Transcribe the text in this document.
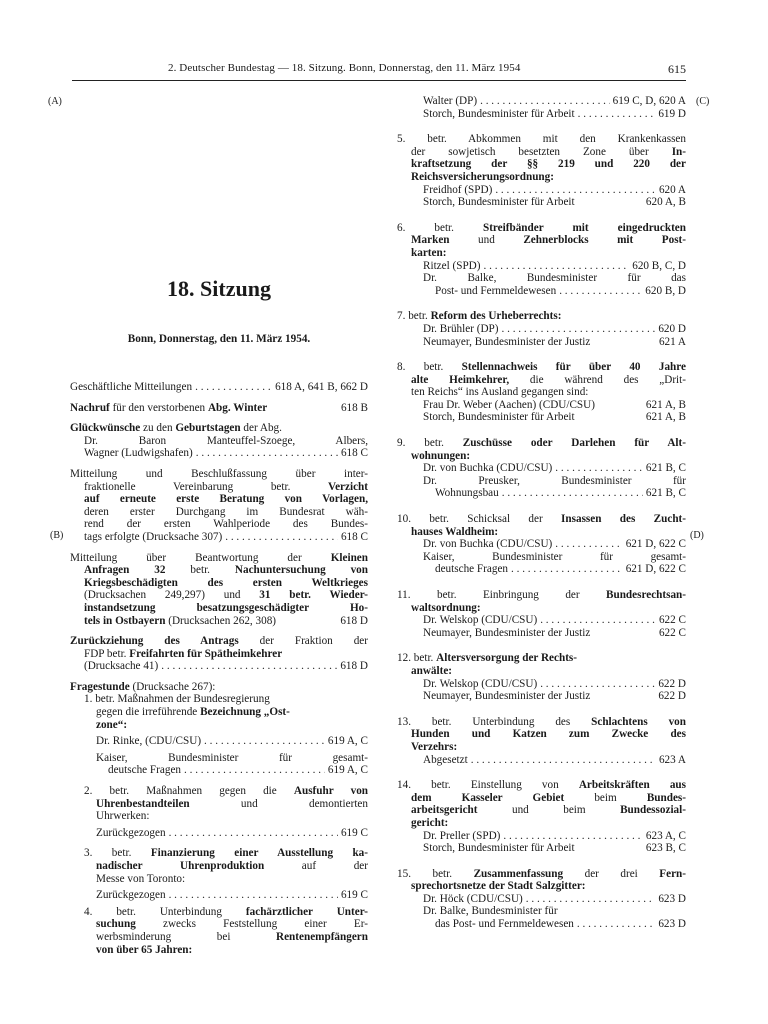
2. Deutscher Bundestag — 18. Sitzung. Bonn, Donnerstag, den 11. März 1954	615
(A)
(B)
(C)
(D)
18. Sitzung
Bonn, Donnerstag, den 11. März 1954.
Geschäftliche Mitteilungen . . .	618 A, 641 B, 662 D
Nachruf für den verstorbenen Abg. Winter	618 B
Glückwünsche zu den Geburtstagen der Abg.
Dr. Baron Manteuffel-Szoege, Albers,
Wagner (Ludwigshafen) . . .	618 C
Mitteilung und Beschlußfassung über inter-
fraktionelle Vereinbarung betr. Verzicht
auf erneute erste Beratung von Vorlagen,
deren erster Durchgang im Bundesrat wäh-
rend der ersten Wahlperiode des Bundes-
tags erfolgte (Drucksache 307) . . .	618 C
Mitteilung über Beantwortung der Kleinen
Anfragen 32 betr. Nachuntersuchung von
Kriegsbeschädigten des ersten Weltkrieges
(Drucksachen 249,297) und 31 betr. Wieder-
instandsetzung besatzungsgeschädigter Ho-
tels in Ostbayern (Drucksachen 262, 308)	618 D
Zurückziehung des Antrags der Fraktion der
FDP betr. Freifahrten für Spätheimkehrer
(Drucksache 41) . . .	618 D
Fragestunde (Drucksache 267):
1. betr. Maßnahmen der Bundesregierung
gegen die irreführende Bezeichnung „Ost-
zone“:
Dr. Rinke, (CDU/CSU) . . .	619 A, C
Kaiser, Bundesminister für gesamt-
deutsche Fragen . . .	619 A, C
2. betr. Maßnahmen gegen die Ausfuhr von
Uhrenbestandteilen und demontierten
Uhrwerken:
Zurückgezogen . . .	619 C
3. betr. Finanzierung einer Ausstellung ka-
nadischer Uhrenproduktion auf der
Messe von Toronto:
Zurückgezogen . . .	619 C
4. betr. Unterbindung fachärztlicher Unter-
suchung zwecks Feststellung einer Er-
werbsminderung bei Rentenempfängern
von über 65 Jahren:
Walter (DP) . . .	619 C, D, 620 A
Storch, Bundesminister für Arbeit . . .	619 D
5. betr. Abkommen mit den Krankenkassen
der sowjetisch besetzten Zone über In-
kraftsetzung der §§ 219 und 220 der
Reichsversicherungsordnung:
Freidhof (SPD) . . .	620 A
Storch, Bundesminister für Arbeit	620 A, B
6. betr. Streifbänder mit eingedruckten
Marken und Zehnerblocks mit Post-
karten:
Ritzel (SPD) . . .	620 B, C, D
Dr. Balke, Bundesminister für das
Post- und Fernmeldewesen . . .	620 B, D
7. betr. Reform des Urheberrechts:
Dr. Brühler (DP) . . .	620 D
Neumayer, Bundesminister der Justiz	621 A
8. betr. Stellennachweis für über 40 Jahre
alte Heimkehrer, die während des „Drit-
ten Reichs“ ins Ausland gegangen sind:
Frau Dr. Weber (Aachen) (CDU/CSU)	621 A, B
Storch, Bundesminister für Arbeit	621 A, B
9. betr. Zuschüsse oder Darlehen für Alt-
wohnungen:
Dr. von Buchka (CDU/CSU) . . .	621 B, C
Dr. Preusker, Bundesminister für
Wohnungsbau . . .	621 B, C
10. betr. Schicksal der Insassen des Zucht-
hauses Waldheim:
Dr. von Buchka (CDU/CSU) . . .	621 D, 622 C
Kaiser, Bundesminister für gesamt-
deutsche Fragen . . .	621 D, 622 C
11. betr. Einbringung der Bundesrechtsan-
waltsordnung:
Dr. Welskop (CDU/CSU) . . .	622 C
Neumayer, Bundesminister der Justiz	622 C
12. betr. Altersversorgung der Rechts-
anwälte:
Dr. Welskop (CDU/CSU) . . .	622 D
Neumayer, Bundesminister der Justiz	622 D
13. betr. Unterbindung des Schlachtens von
Hunden und Katzen zum Zwecke des
Verzehrs:
Abgesetzt . . .	623 A
14. betr. Einstellung von Arbeitskräften aus
dem Kasseler Gebiet beim Bundes-
arbeitsgericht und beim Bundessozial-
gericht:
Dr. Preller (SPD) . . .	623 A, C
Storch, Bundesminister für Arbeit	623 B, C
15. betr. Zusammenfassung der drei Fern-
sprechortsnetze der Stadt Salzgitter:
Dr. Höck (CDU/CSU) . . .	623 D
Dr. Balke, Bundesminister für
das Post- und Fernmeldewesen . . .	623 D
